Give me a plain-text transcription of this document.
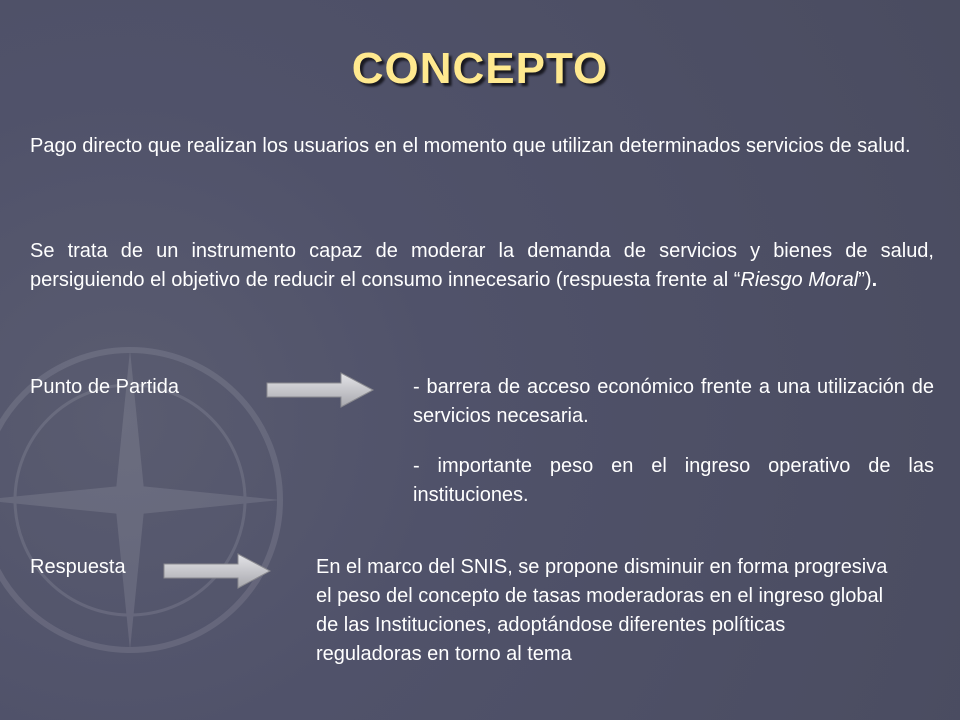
CONCEPTO
Pago directo que realizan los usuarios en el momento que utilizan determinados servicios de salud.
Se trata de un instrumento capaz de moderar la demanda de servicios y bienes de salud, persiguiendo el objetivo de reducir el consumo innecesario (respuesta frente al “Riesgo Moral”).
Punto de Partida	- barrera de acceso económico frente a una utilización de servicios necesaria.
- importante peso en el ingreso operativo de las instituciones.
Respuesta	En el marco del SNIS, se propone disminuir en forma progresiva el peso del concepto de tasas moderadoras en el ingreso global de las Instituciones, adoptándose diferentes políticas reguladoras en torno al tema
